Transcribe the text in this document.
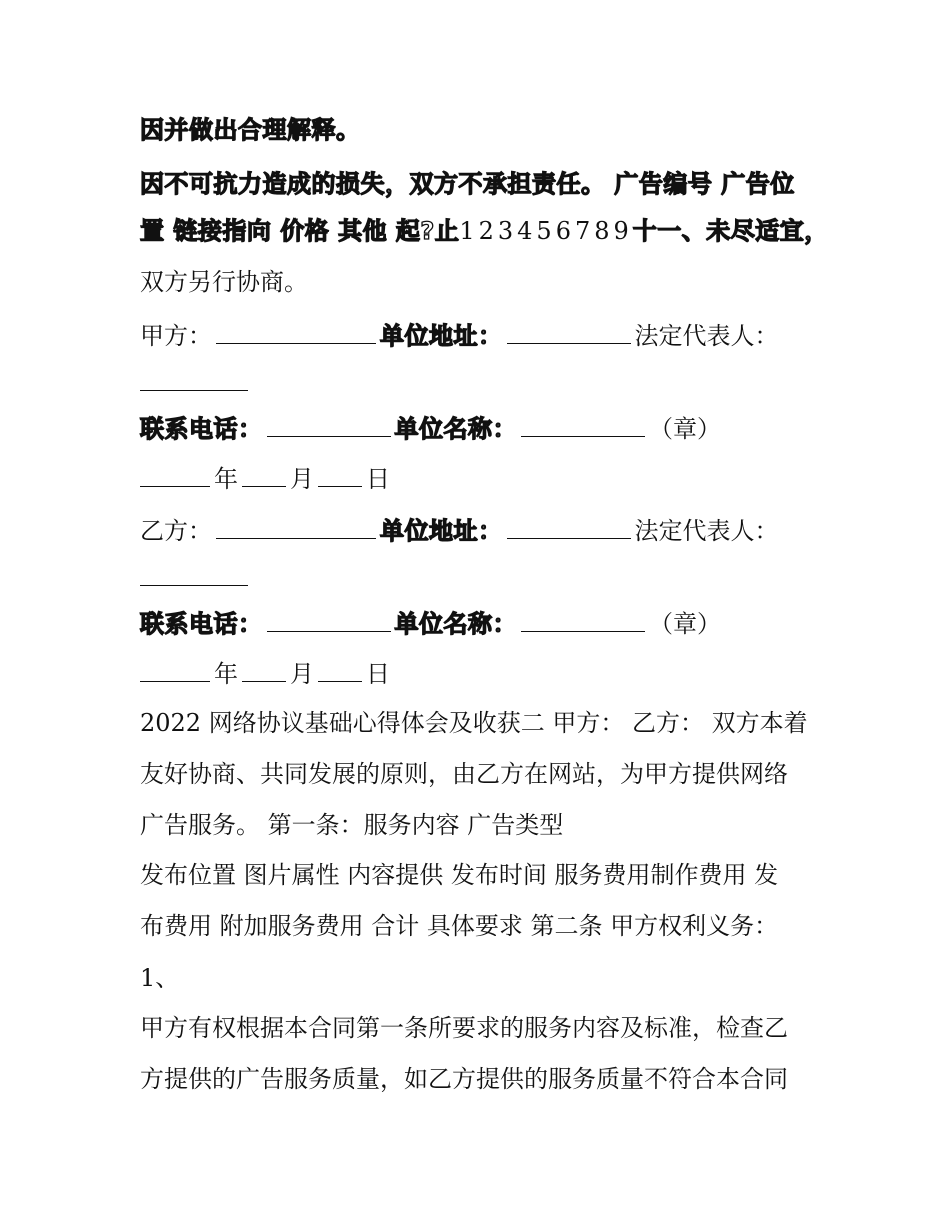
因并做出合理解释。
因不可抗力造成的损失，双方不承担责任。 广告编号 广告位
置 链接指向 价格 其他 起?止123456789十一、未尽适宜，
双方另行协商。
甲方：	单位地址：	法定代表人：
联系电话：	单位名称：	（章）
年 月 日
乙方：	单位地址：	法定代表人：
联系电话：	单位名称：	（章）
年 月 日
2022 网络协议基础心得体会及收获二 甲方： 乙方： 双方本着
友好协商、共同发展的原则，由乙方在网站，为甲方提供网络
广告服务。 第一条：服务内容 广告类型
发布位置 图片属性 内容提供 发布时间 服务费用制作费用 发
布费用 附加服务费用 合计 具体要求 第二条 甲方权利义务：
1、
甲方有权根据本合同第一条所要求的服务内容及标准，检查乙
方提供的广告服务质量，如乙方提供的服务质量不符合本合同
